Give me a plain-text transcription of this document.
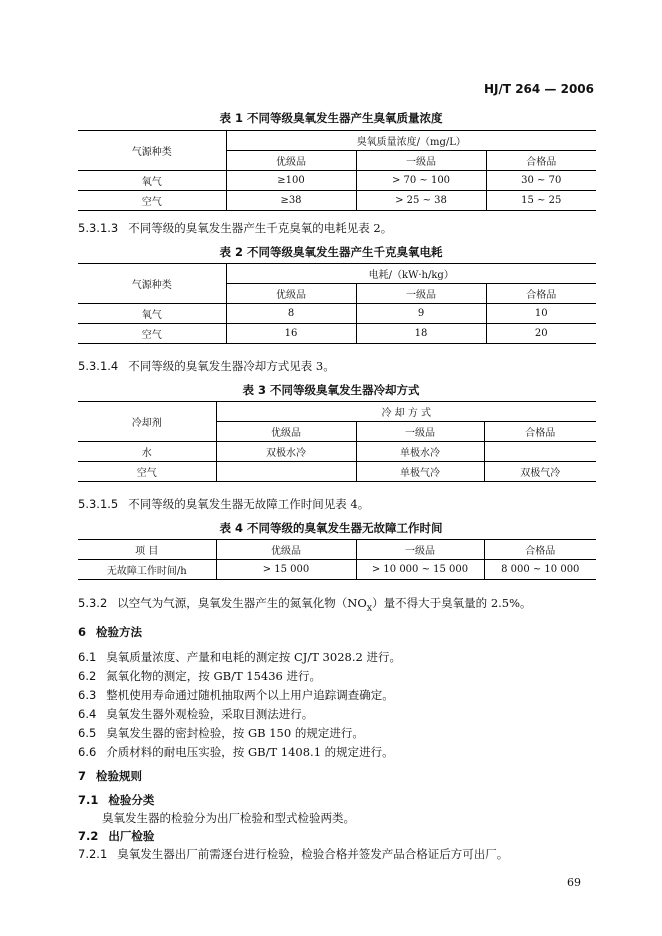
HJ/T 264 — 2006
表 1 不同等级臭氧发生器产生臭氧质量浓度
气源种类	臭氧质量浓度/（mg/L）		
	优级品	一级品	合格品
氧气	≥100	> 70 ~ 100	30 ~ 70
空气	≥38	> 25 ~ 38	15 ~ 25
5.3.1.3 不同等级的臭氧发生器产生千克臭氧的电耗见表 2。
表 2 不同等级臭氧发生器产生千克臭氧电耗
气源种类	电耗/（kW·h/kg）		
	优级品	一级品	合格品
氧气	8	9	10
空气	16	18	20
5.3.1.4 不同等级的臭氧发生器冷却方式见表 3。
表 3 不同等级臭氧发生器冷却方式
冷却剂	冷 却 方 式		
	优级品	一级品	合格品
水	双极水冷	单极水冷	
空气		单极气冷	双极气冷
5.3.1.5 不同等级的臭氧发生器无故障工作时间见表 4。
表 4 不同等级的臭氧发生器无故障工作时间
项 目	优级品	一级品	合格品
无故障工作时间/h	> 15 000	> 10 000 ~ 15 000	8 000 ~ 10 000
5.3.2 以空气为气源，臭氧发生器产生的氮氧化物$(NO_x)$量不得大于臭氧量的 2.5%。
6 检验方法
6.1 臭氧质量浓度、产量和电耗的测定按 CJ/T 3028.2 进行。
6.2 氮氧化物的测定，按 GB/T 15436 进行。
6.3 整机使用寿命通过随机抽取两个以上用户追踪调查确定。
6.4 臭氧发生器外观检验，采取目测法进行。
6.5 臭氧发生器的密封检验，按 GB 150 的规定进行。
6.6 介质材料的耐电压实验，按 GB/T 1408.1 的规定进行。
7 检验规则
7.1 检验分类
臭氧发生器的检验分为出厂检验和型式检验两类。
7.2 出厂检验
7.2.1 臭氧发生器出厂前需逐台进行检验，检验合格并签发产品合格证后方可出厂。
69
